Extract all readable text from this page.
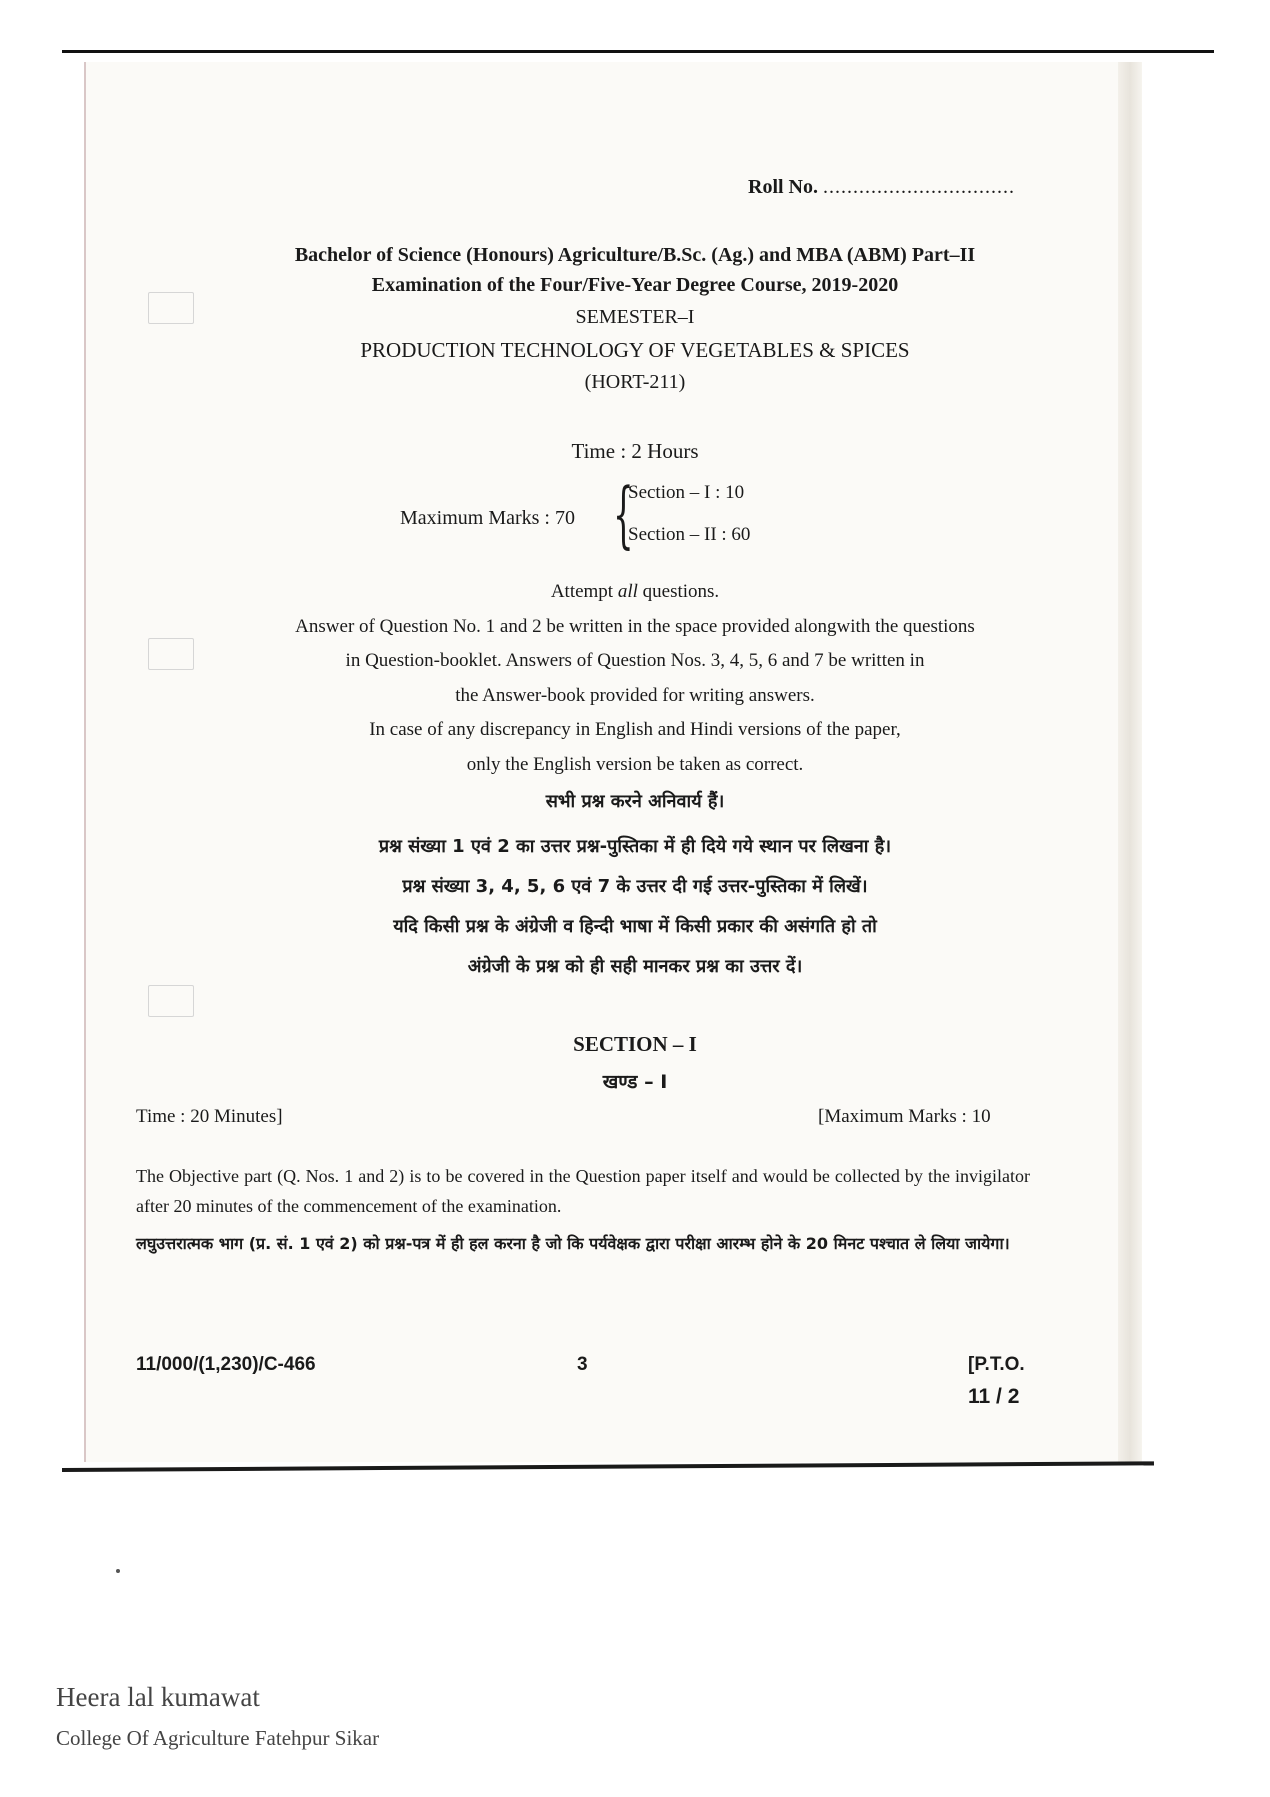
Roll No. ................................
Bachelor of Science (Honours) Agriculture/B.Sc. (Ag.) and MBA (ABM) Part–II
Examination of the Four/Five-Year Degree Course, 2019-2020
SEMESTER–I
PRODUCTION TECHNOLOGY OF VEGETABLES & SPICES
(HORT-211)
Time : 2 Hours
Maximum Marks : 70 {
Section – I : 10
Section – II : 60
Attempt all questions.
Answer of Question No. 1 and 2 be written in the space provided alongwith the questions
in Question-booklet. Answers of Question Nos. 3, 4, 5, 6 and 7 be written in
the Answer-book provided for writing answers.
In case of any discrepancy in English and Hindi versions of the paper,
only the English version be taken as correct.
सभी प्रश्न करने अनिवार्य हैं।
प्रश्न संख्या 1 एवं 2 का उत्तर प्रश्न-पुस्तिका में ही दिये गये स्थान पर लिखना है।
प्रश्न संख्या 3, 4, 5, 6 एवं 7 के उत्तर दी गई उत्तर-पुस्तिका में लिखें।
यदि किसी प्रश्न के अंग्रेजी व हिन्दी भाषा में किसी प्रकार की असंगति हो तो
अंग्रेजी के प्रश्न को ही सही मानकर प्रश्न का उत्तर दें।
SECTION – I
खण्ड – I
Time : 20 Minutes]	[Maximum Marks : 10
The Objective part (Q. Nos. 1 and 2) is to be covered in the Question paper itself and would be collected by the invigilator after 20 minutes of the commencement of the examination.
लघुउत्तरात्मक भाग (प्र. सं. 1 एवं 2) को प्रश्न-पत्र में ही हल करना है जो कि पर्यवेक्षक द्वारा परीक्षा आरम्भ होने के 20 मिनट पश्चात ले लिया जायेगा।
11/000/(1,230)/C-466	3	[P.T.O.
11 / 2
Heera lal kumawat
College Of Agriculture Fatehpur Sikar
